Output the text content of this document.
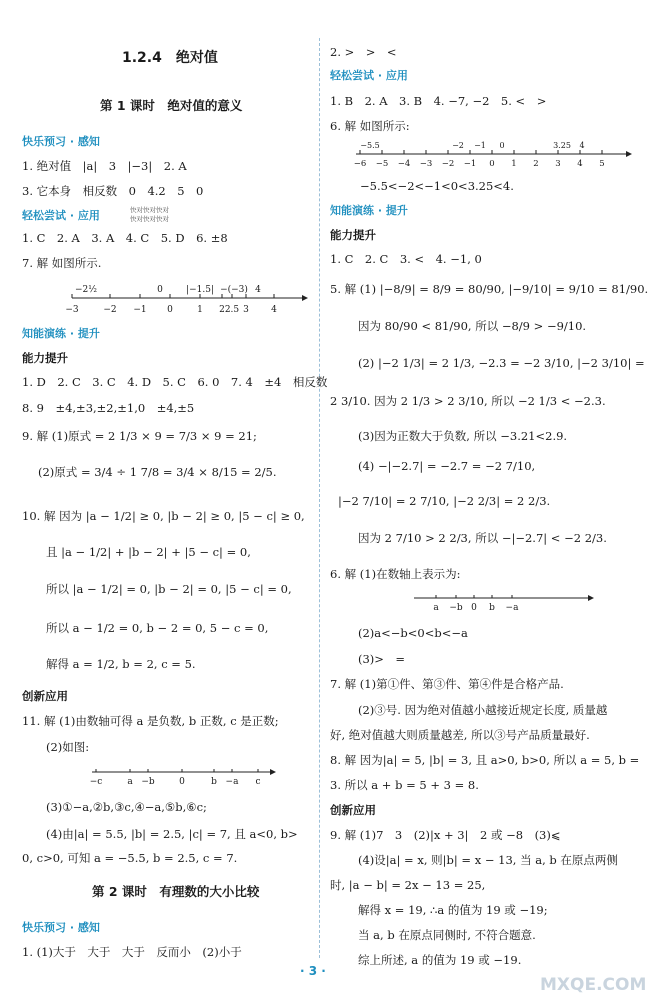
1.2.4　绝对值
第 1 课时　绝对值的意义
快乐预习 · 感知
1. 绝对值　|a|　3　|−3|　2. A
3. 它本身　相反数　0　4.2　5　0
轻松尝试 · 应用	快对快对快对
快对快对快对
1. C　2. A　3. A　4. C　5. D　6. ±8
7. 解 如图所示.
−2½	0	|−1.5| −(−3) 4
−3	−2 −1 0	1 2 2.5 3 4
知能演练 · 提升
能力提升
1. D　2. C　3. C　4. D　5. C　6. 0　7. 4　±4　相反数
8. 9　±4,±3,±2,±1,0　±4,±5
9. 解 (1)原式 = 2 1/3 × 9 = 7/3 × 9 = 21;
(2)原式 = 3/4 ÷ 1 7/8 = 3/4 × 8/15 = 2/5.
10. 解 因为 |a − 1/2| ≥ 0, |b − 2| ≥ 0, |5 − c| ≥ 0,
且 |a − 1/2| + |b − 2| + |5 − c| = 0,
所以 |a − 1/2| = 0, |b − 2| = 0, |5 − c| = 0,
所以 a − 1/2 = 0, b − 2 = 0, 5 − c = 0,
解得 a = 1/2, b = 2, c = 5.
创新应用
11. 解 (1)由数轴可得 a 是负数, b 正数, c 是正数;
(2)如图:
−c	a −b	0	b −a c
(3)①−a,②b,③c,④−a,⑤b,⑥c;
(4)由|a| = 5.5, |b| = 2.5, |c| = 7, 且 a<0, b>
0, c>0, 可知 a = −5.5, b = 2.5, c = 7.
第 2 课时　有理数的大小比较
快乐预习 · 感知
1. (1)大于　大于　大于　反而小　(2)小于
2. >　>　<
轻松尝试 · 应用
1. B　2. A　3. B　4. −7, −2　5. <　>
6. 解 如图所示:
−5.5	−2 −1 0	3.25 4
−6 −5 −4 −3 −2 −1 0 1 2 3 4 5
−5.5<−2<−1<0<3.25<4.
知能演练 · 提升
能力提升
1. C　2. C　3. <　4. −1, 0
5. 解 (1) |−8/9| = 8/9 = 80/90, |−9/10| = 9/10 = 81/90.
因为 80/90 < 81/90, 所以 −8/9 > −9/10.
(2) |−2 1/3| = 2 1/3, −2.3 = −2 3/10, |−2 3/10| =
2 3/10. 因为 2 1/3 > 2 3/10, 所以 −2 1/3 < −2.3.
(3)因为正数大于负数, 所以 −3.21<2.9.
(4) −|−2.7| = −2.7 = −2 7/10,
|−2 7/10| = 2 7/10, |−2 2/3| = 2 2/3.
因为 2 7/10 > 2 2/3, 所以 −|−2.7| < −2 2/3.
6. 解 (1)在数轴上表示为:
a −b 0 b −a
(2)a<−b<0<b<−a
(3)>　=
7. 解 (1)第①件、第③件、第④件是合格产品.
(2)③号. 因为绝对值越小越接近规定长度, 质量越
好, 绝对值越大则质量越差, 所以③号产品质量最好.
8. 解 因为|a| = 5, |b| = 3, 且 a>0, b>0, 所以 a = 5, b =
3. 所以 a + b = 5 + 3 = 8.
创新应用
9. 解 (1)7　3　(2)|x + 3|　2 或 −8　(3)⩽
(4)设|a| = x, 则|b| = x − 13, 当 a, b 在原点两侧
时, |a − b| = 2x − 13 = 25,
解得 x = 19, ∴a 的值为 19 或 −19;
当 a, b 在原点同侧时, 不符合题意.
综上所述, a 的值为 19 或 −19.
· 3 ·
MXQE.COM
